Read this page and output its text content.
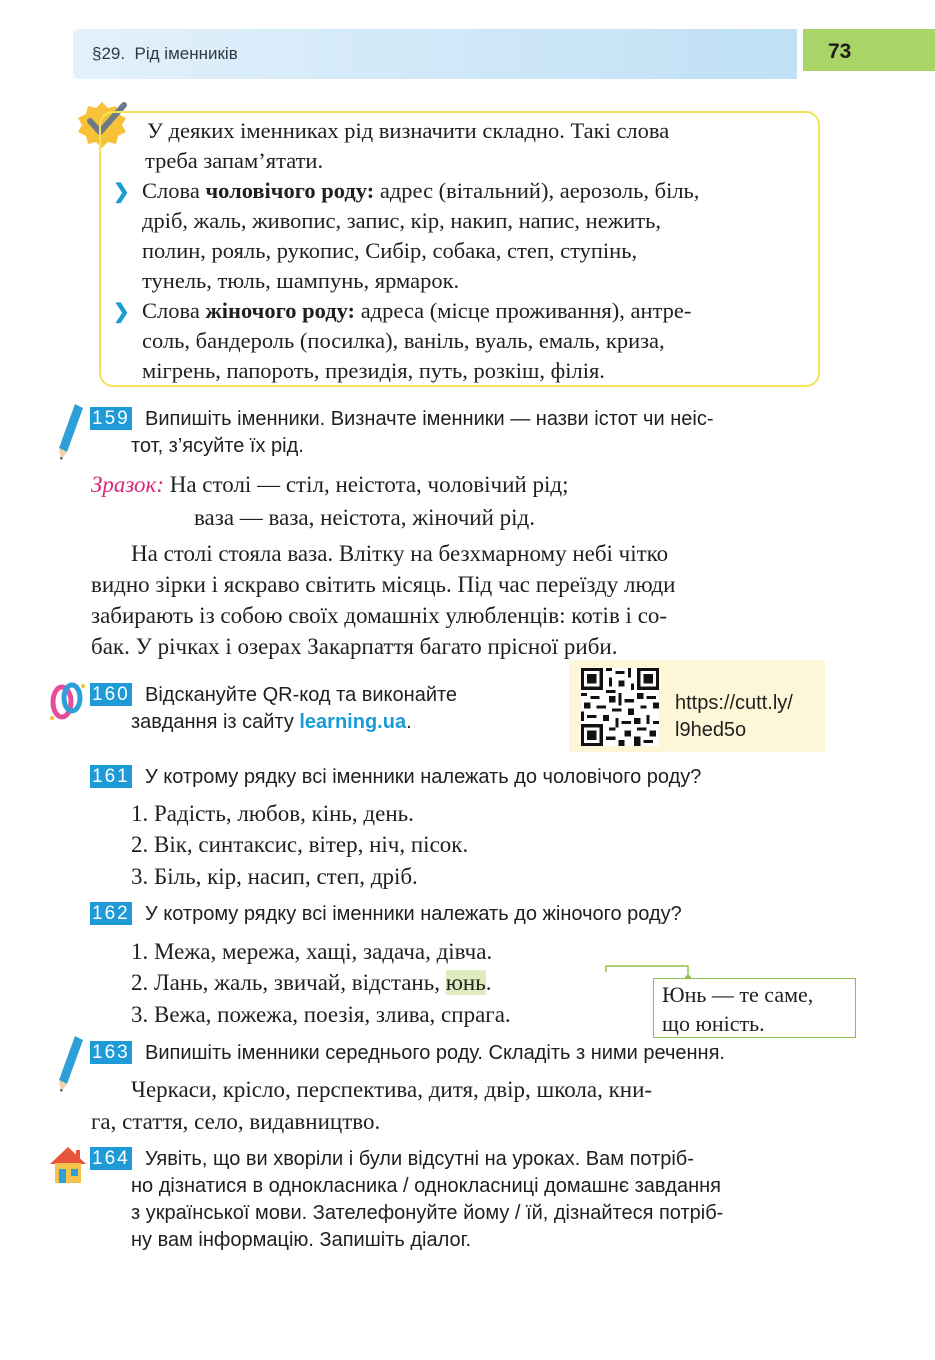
§29. Рід іменників	73
У деяких іменниках рід визначити складно. Такі слова
треба запам’ятати.
❯ Слова чоловічого роду: адрес (вітальний), аерозоль, біль,
дріб, жаль, живопис, запис, кір, накип, напис, нежить,
полин, рояль, рукопис, Сибір, собака, степ, ступінь,
тунель, тюль, шампунь, ярмарок.
❯ Слова жіночого роду: адреса (місце проживання), антре-
соль, бандероль (посилка), ваніль, вуаль, емаль, криза,
мігрень, папороть, президія, путь, розкіш, філія.
159 Випишіть іменники. Визначте іменники — назви істот чи неіс-
тот, з’ясуйте їх рід.
Зразок: На столі — стіл, неістота, чоловічий рід;
ваза — ваза, неістота, жіночий рід.
На столі стояла ваза. Влітку на безхмарному небі чітко
видно зірки і яскраво світить місяць. Під час переїзду люди
забирають із собою своїх домашніх улюбленців: котів і со-
бак. У річках і озерах Закарпаття багато прісної риби.
160 Відскануйте QR-код та виконайте
завдання із сайту learning.ua.
https://cutt.ly/
l9hed5o
161 У котрому рядку всі іменники належать до чоловічого роду?
1. Радість, любов, кінь, день.
2. Вік, синтаксис, вітер, ніч, пісок.
3. Біль, кір, насип, степ, дріб.
162 У котрому рядку всі іменники належать до жіночого роду?
1. Межа, мережа, хащі, задача, дівча.
2. Лань, жаль, звичай, відстань, юнь.
3. Вежа, пожежа, поезія, злива, спрага.
Юнь — те саме,
що юність.
163 Випишіть іменники середнього роду. Складіть з ними речення.
Черкаси, крісло, перспектива, дитя, двір, школа, кни-
га, стаття, село, видавництво.
164 Уявіть, що ви хворіли і були відсутні на уроках. Вам потріб-
но дізнатися в однокласника / однокласниці домашнє завдання
з української мови. Зателефонуйте йому / їй, дізнайтеся потріб-
ну вам інформацію. Запишіть діалог.
